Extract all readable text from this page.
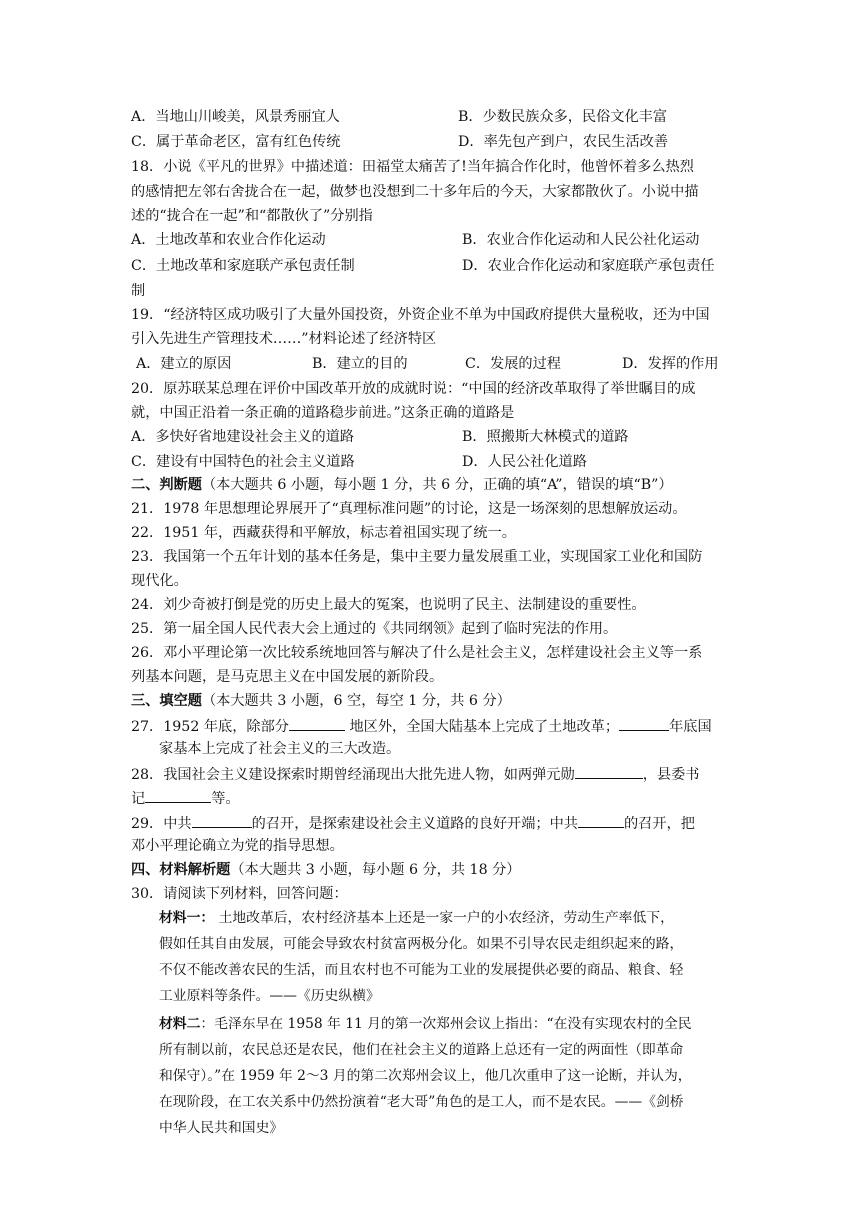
A．当地山川峻美，风景秀丽宜人	B．少数民族众多，民俗文化丰富
C．属于革命老区，富有红色传统	D．率先包产到户，农民生活改善
18．小说《平凡的世界》中描述道：田福堂太痛苦了!当年搞合作化时，他曾怀着多么热烈
的感情把左邻右舍拢合在一起，做梦也没想到二十多年后的今天，大家都散伙了。小说中描
述的“拢合在一起”和“都散伙了”分别指
A．土地改革和农业合作化运动	B．农业合作化运动和人民公社化运动
C．土地改革和家庭联产承包责任制	D．农业合作化运动和家庭联产承包责任
制
19．“经济特区成功吸引了大量外国投资，外资企业不单为中国政府提供大量税收，还为中国
引入先进生产管理技术……”材料论述了经济特区
A．建立的原因	B．建立的目的	C．发展的过程	D．发挥的作用
20．原苏联某总理在评价中国改革开放的成就时说：“中国的经济改革取得了举世瞩目的成
就，中国正沿着一条正确的道路稳步前进。”这条正确的道路是
A．多快好省地建设社会主义的道路	B．照搬斯大林模式的道路
C．建设有中国特色的社会主义道路	D．人民公社化道路
二、判断题（本大题共 6 小题，每小题 1 分，共 6 分，正确的填“A”，错误的填“B”）
21．1978 年思想理论界展开了“真理标准问题”的讨论，这是一场深刻的思想解放运动。
22．1951 年，西藏获得和平解放，标志着祖国实现了统一。
23．我国第一个五年计划的基本任务是，集中主要力量发展重工业，实现国家工业化和国防
现代化。
24．刘少奇被打倒是党的历史上最大的冤案，也说明了民主、法制建设的重要性。
25．第一届全国人民代表大会上通过的《共同纲领》起到了临时宪法的作用。
26．邓小平理论第一次比较系统地回答与解决了什么是社会主义，怎样建设社会主义等一系
列基本问题，是马克思主义在中国发展的新阶段。
三、填空题（本大题共 3 小题，6 空，每空 1 分，共 6 分）
27．1952 年底，除部分	地区外，全国大陆基本上完成了土地改革；	年底国
家基本上完成了社会主义的三大改造。
28．我国社会主义建设探索时期曾经涌现出大批先进人物，如两弹元勋	，县委书
记	等。
29．中共	的召开，是探索建设社会主义道路的良好开端；中共	的召开，把
邓小平理论确立为党的指导思想。
四、材料解析题（本大题共 3 小题，每小题 6 分，共 18 分）
30．请阅读下列材料，回答问题：
材料一： 土地改革后，农村经济基本上还是一家一户的小农经济，劳动生产率低下，
假如任其自由发展，可能会导致农村贫富两极分化。如果不引导农民走组织起来的路，
不仅不能改善农民的生活，而且农村也不可能为工业的发展提供必要的商品、粮食、轻
工业原料等条件。——《历史纵横》
材料二：毛泽东早在 1958 年 11 月的第一次郑州会议上指出：“在没有实现农村的全民
所有制以前，农民总还是农民，他们在社会主义的道路上总还有一定的两面性（即革命
和保守）。”在 1959 年 2～3 月的第二次郑州会议上，他几次重申了这一论断，并认为，
在现阶段，在工农关系中仍然扮演着“老大哥”角色的是工人，而不是农民。——《剑桥
中华人民共和国史》
